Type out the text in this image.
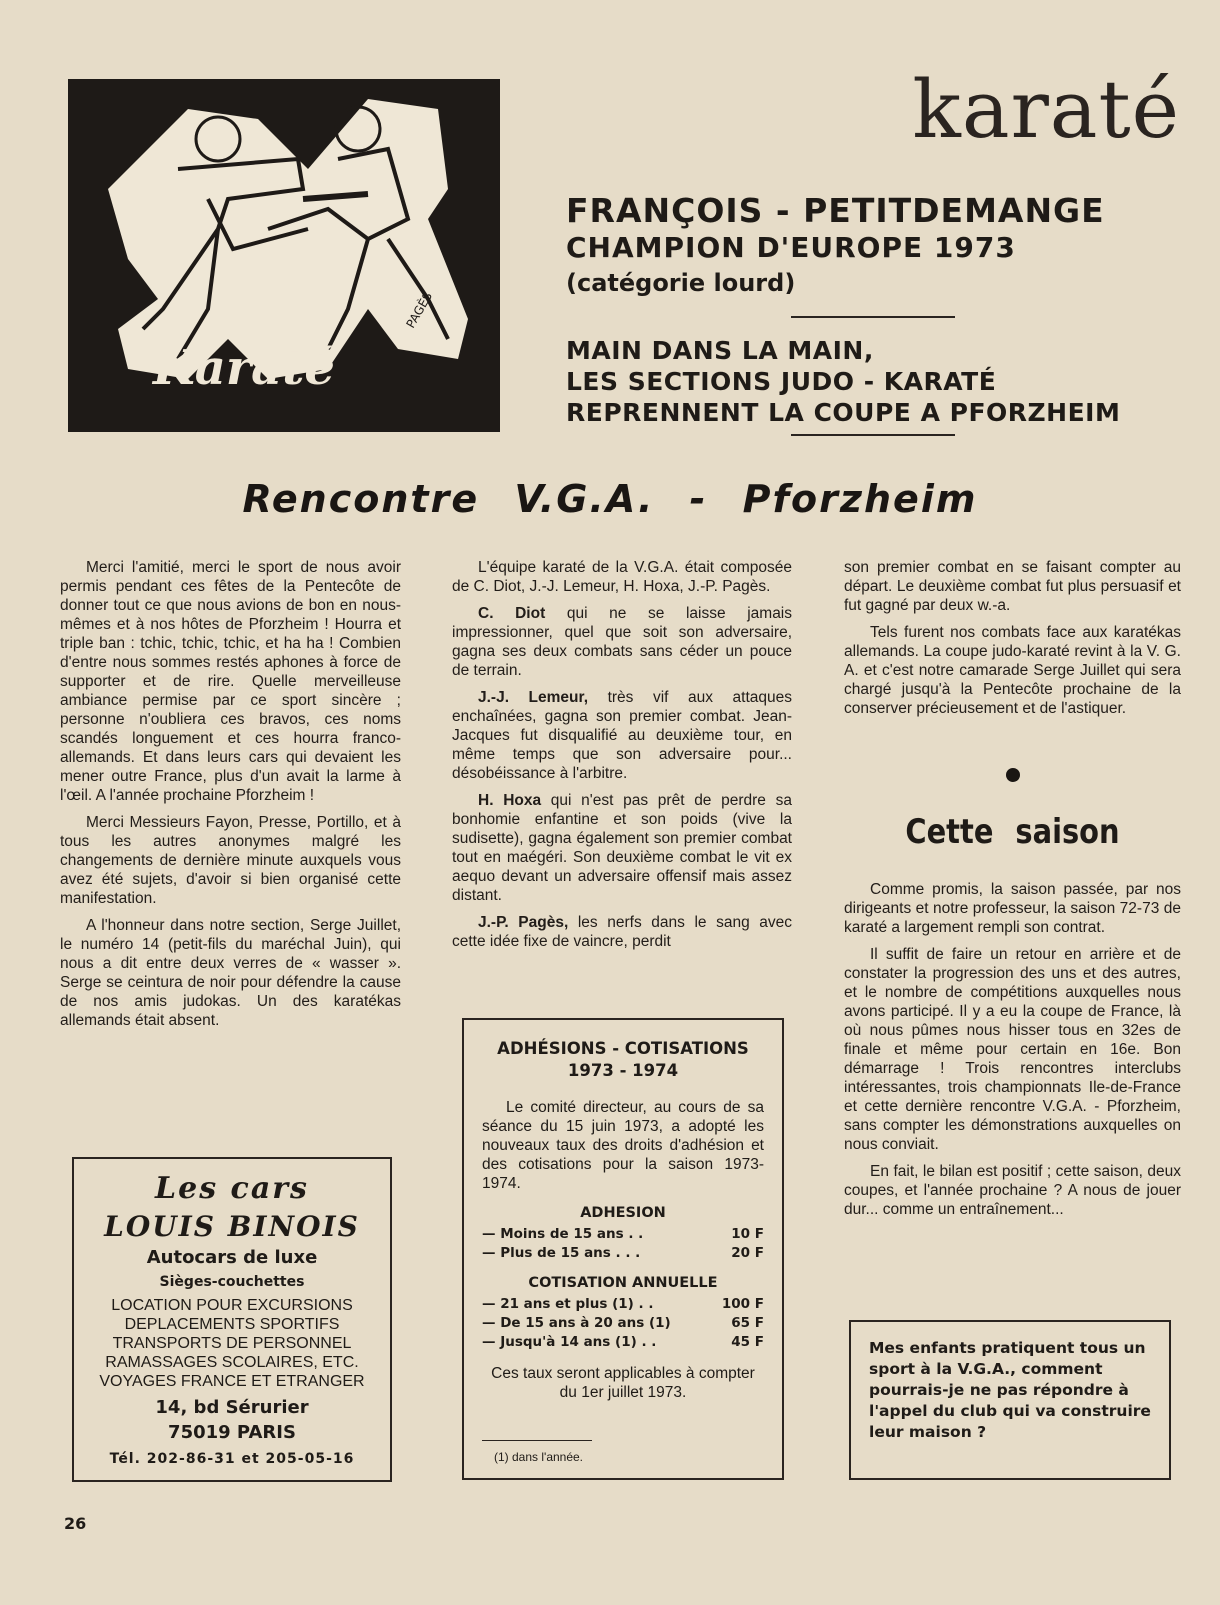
PAGÈS
Karaté
karaté
FRANÇOIS - PETITDEMANGE
CHAMPION D'EUROPE 1973
(catégorie lourd)
MAIN DANS LA MAIN,
LES SECTIONS JUDO - KARATÉ
REPRENNENT LA COUPE A PFORZHEIM
Rencontre V.G.A. - Pforzheim

Merci l'amitié, merci le sport de nous avoir permis pendant ces fêtes de la Pentecôte de donner tout ce que nous avions de bon en nous-mêmes et à nos hôtes de Pforzheim ! Hourra et triple ban : tchic, tchic, tchic, et ha ha ! Combien d'entre nous sommes restés aphones à force de supporter et de rire. Quelle merveilleuse ambiance permise par ce sport sincère ; personne n'oubliera ces bravos, ces noms scandés longuement et ces hourra franco-allemands. Et dans leurs cars qui devaient les mener outre France, plus d'un avait la larme à l'œil. A l'année prochaine Pforzheim !

Merci Messieurs Fayon, Presse, Portillo, et à tous les autres anonymes malgré les changements de dernière minute auxquels vous avez été sujets, d'avoir si bien organisé cette manifestation.

A l'honneur dans notre section, Serge Juillet, le numéro 14 (petit-fils du maréchal Juin), qui nous a dit entre deux verres de « wasser ». Serge se ceintura de noir pour défendre la cause de nos amis judokas. Un des karatékas allemands était absent.

L'équipe karaté de la V.G.A. était composée de C. Diot, J.-J. Lemeur, H. Hoxa, J.-P. Pagès.

C. Diot qui ne se laisse jamais impressionner, quel que soit son adversaire, gagna ses deux combats sans céder un pouce de terrain.

J.-J. Lemeur, très vif aux attaques enchaînées, gagna son premier combat. Jean-Jacques fut disqualifié au deuxième tour, en même temps que son adversaire pour... désobéissance à l'arbitre.

H. Hoxa qui n'est pas prêt de perdre sa bonhomie enfantine et son poids (vive la sudisette), gagna également son premier combat tout en maégéri. Son deuxième combat le vit ex aequo devant un adversaire offensif mais assez distant.

J.-P. Pagès, les nerfs dans le sang avec cette idée fixe de vaincre, perdit

son premier combat en se faisant compter au départ. Le deuxième combat fut plus persuasif et fut gagné par deux w.-a.

Tels furent nos combats face aux karatékas allemands. La coupe judo-karaté revint à la V. G. A. et c'est notre camarade Serge Juillet qui sera chargé jusqu'à la Pentecôte prochaine de la conserver précieusement et de l'astiquer.

Cette saison

Comme promis, la saison passée, par nos dirigeants et notre professeur, la saison 72-73 de karaté a largement rempli son contrat.

Il suffit de faire un retour en arrière et de constater la progression des uns et des autres, et le nombre de compétitions auxquelles nous avons participé. Il y a eu la coupe de France, là où nous pûmes nous hisser tous en 32es de finale et même pour certain en 16e. Bon démarrage ! Trois rencontres interclubs intéressantes, trois championnats Ile-de-France et cette dernière rencontre V.G.A. - Pforzheim, sans compter les démonstrations auxquelles on nous conviait.

En fait, le bilan est positif ; cette saison, deux coupes, et l'année prochaine ? A nous de jouer dur... comme un entraînement...

Les cars
LOUIS BINOIS
Autocars de luxe
Sièges-couchettes
LOCATION POUR EXCURSIONS
DEPLACEMENTS SPORTIFS
TRANSPORTS DE PERSONNEL
RAMASSAGES SCOLAIRES, ETC.
VOYAGES FRANCE ET ETRANGER
14, bd Sérurier
75019 PARIS
Tél. 202-86-31 et 205-05-16
ADHÉSIONS - COTISATIONS
1973 - 1974
Le comité directeur, au cours de sa séance du 15 juin 1973, a adopté les nouveaux taux des droits d'adhésion et des cotisations pour la saison 1973-1974.
ADHESION
— Moins de 15 ans . .	10 F
— Plus de 15 ans . . .	20 F
COTISATION ANNUELLE
— 21 ans et plus (1) . .	100 F
— De 15 ans à 20 ans (1)	65 F
— Jusqu'à 14 ans (1) . .	45 F
Ces taux seront applicables à compter du 1er juillet 1973.
(1) dans l'année.
Mes enfants pratiquent tous un sport à la V.G.A., comment pourrais-je ne pas répondre à l'appel du club qui va construire leur maison ?
26
